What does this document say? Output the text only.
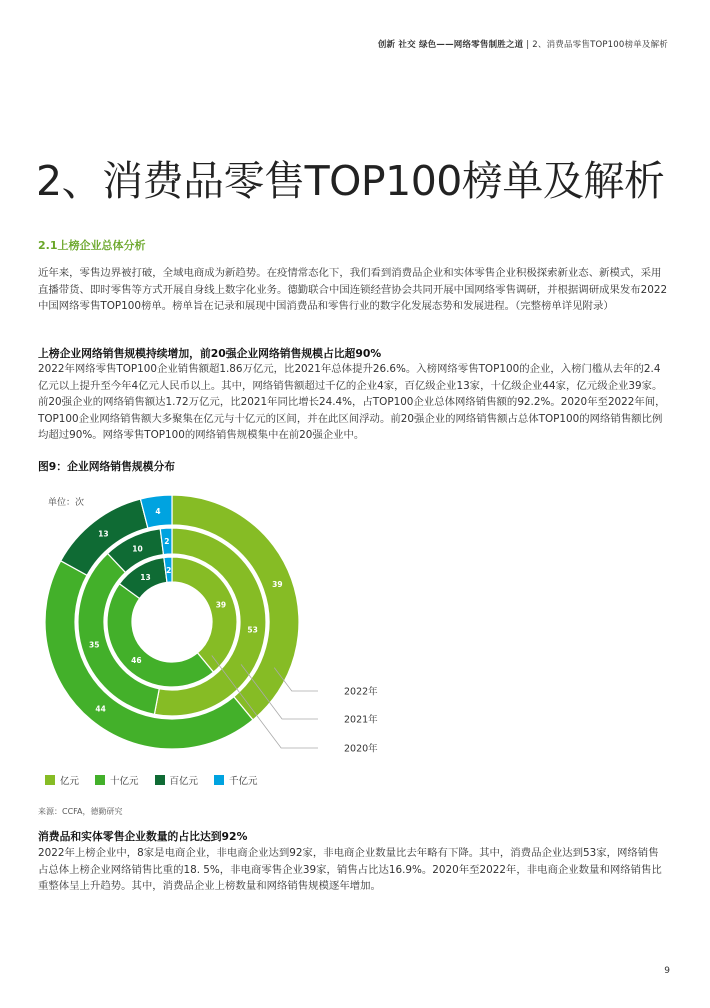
创新 社交 绿色——网络零售制胜之道 | 2、消费品零售TOP100榜单及解析
2、消费品零售TOP100榜单及解析
2.1上榜企业总体分析
近年来，零售边界被打破，全域电商成为新趋势。在疫情常态化下，我们看到消费品企业和实体零售企业积极探索新业态、新模式，采用直播带货、即时零售等方式开展自身线上数字化业务。德勤联合中国连锁经营协会共同开展中国网络零售调研，并根据调研成果发布2022中国网络零售TOP100榜单。榜单旨在记录和展现中国消费品和零售行业的数字化发展态势和发展进程。（完整榜单详见附录）
上榜企业网络销售规模持续增加，前20强企业网络销售规模占比超90%
2022年网络零售TOP100企业销售额超1.86万亿元，比2021年总体提升26.6%。入榜网络零售TOP100的企业，入榜门槛从去年的2.4亿元以上提升至今年4亿元人民币以上。其中，网络销售额超过千亿的企业4家，百亿级企业13家，十亿级企业44家，亿元级企业39家。前20强企业的网络销售额达1.72万亿元，比2021年同比增长24.4%，占TOP100企业总体网络销售额的92.2%。2020年至2022年间，TOP100企业网络销售额大多聚集在亿元与十亿元的区间，并在此区间浮动。前20强企业的网络销售额占总体TOP100的网络销售额比例均超过90%。网络零售TOP100的网络销售规模集中在前20强企业中。
图9：企业网络销售规模分布
单位：次
39
44
13
4
53
35
10
2
39
46
13
2
2022年
2021年
2020年
亿元	十亿元	百亿元	千亿元
来源：CCFA，德勤研究
消费品和实体零售企业数量的占比达到92%
2022年上榜企业中，8家是电商企业，非电商企业达到92家，非电商企业数量比去年略有下降。其中，消费品企业达到53家，网络销售占总体上榜企业网络销售比重的18. 5%，非电商零售企业39家，销售占比达16.9%。2020年至2022年，非电商企业数量和网络销售比重整体呈上升趋势。其中，消费品企业上榜数量和网络销售规模逐年增加。
9
